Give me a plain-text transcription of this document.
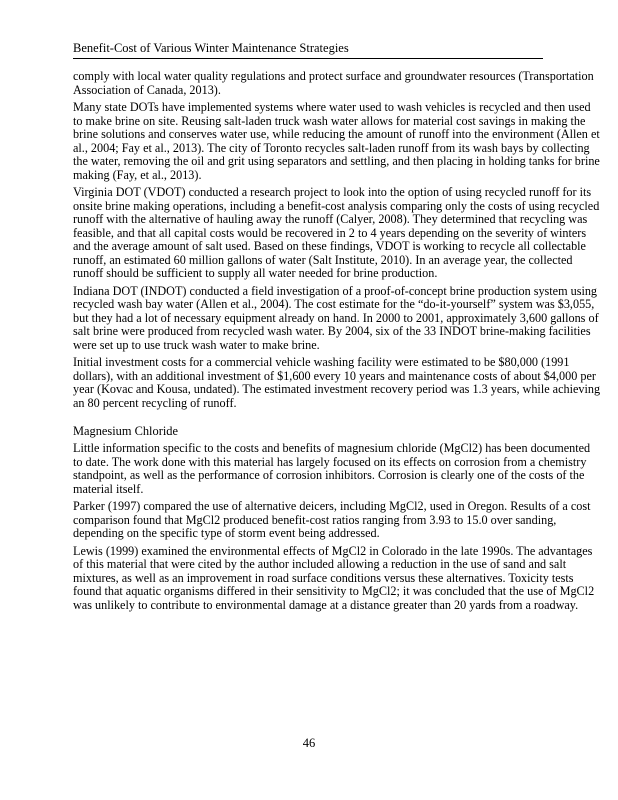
Benefit-Cost of Various Winter Maintenance Strategies

comply with local water quality regulations and protect surface and groundwater resources (Transportation Association of Canada, 2013).

Many state DOTs have implemented systems where water used to wash vehicles is recycled and then used to make brine on site. Reusing salt-laden truck wash water allows for material cost savings in making the brine solutions and conserves water use, while reducing the amount of runoff into the environment (Allen et al., 2004; Fay et al., 2013). The city of Toronto recycles salt-laden runoff from its wash bays by collecting the water, removing the oil and grit using separators and settling, and then placing in holding tanks for brine making (Fay, et al., 2013).

Virginia DOT (VDOT) conducted a research project to look into the option of using recycled runoff for its onsite brine making operations, including a benefit-cost analysis comparing only the costs of using recycled runoff with the alternative of hauling away the runoff (Calyer, 2008). They determined that recycling was feasible, and that all capital costs would be recovered in 2 to 4 years depending on the severity of winters and the average amount of salt used. Based on these findings, VDOT is working to recycle all collectable runoff, an estimated 60 million gallons of water (Salt Institute, 2010). In an average year, the collected runoff should be sufficient to supply all water needed for brine production.

Indiana DOT (INDOT) conducted a field investigation of a proof-of-concept brine production system using recycled wash bay water (Allen et al., 2004). The cost estimate for the “do-it-yourself” system was $3,055, but they had a lot of necessary equipment already on hand. In 2000 to 2001, approximately 3,600 gallons of salt brine were produced from recycled wash water. By 2004, six of the 33 INDOT brine-making facilities were set up to use truck wash water to make brine.

Initial investment costs for a commercial vehicle washing facility were estimated to be $80,000 (1991 dollars), with an additional investment of $1,600 every 10 years and maintenance costs of about $4,000 per year (Kovac and Kousa, undated). The estimated investment recovery period was 1.3 years, while achieving an 80 percent recycling of runoff.

Magnesium Chloride

Little information specific to the costs and benefits of magnesium chloride (MgCl2) has been documented to date. The work done with this material has largely focused on its effects on corrosion from a chemistry standpoint, as well as the performance of corrosion inhibitors. Corrosion is clearly one of the costs of the material itself.

Parker (1997) compared the use of alternative deicers, including MgCl2, used in Oregon. Results of a cost comparison found that MgCl2 produced benefit-cost ratios ranging from 3.93 to 15.0 over sanding, depending on the specific type of storm event being addressed.

Lewis (1999) examined the environmental effects of MgCl2 in Colorado in the late 1990s. The advantages of this material that were cited by the author included allowing a reduction in the use of sand and salt mixtures, as well as an improvement in road surface conditions versus these alternatives. Toxicity tests found that aquatic organisms differed in their sensitivity to MgCl2; it was concluded that the use of MgCl2 was unlikely to contribute to environmental damage at a distance greater than 20 yards from a roadway.

46
